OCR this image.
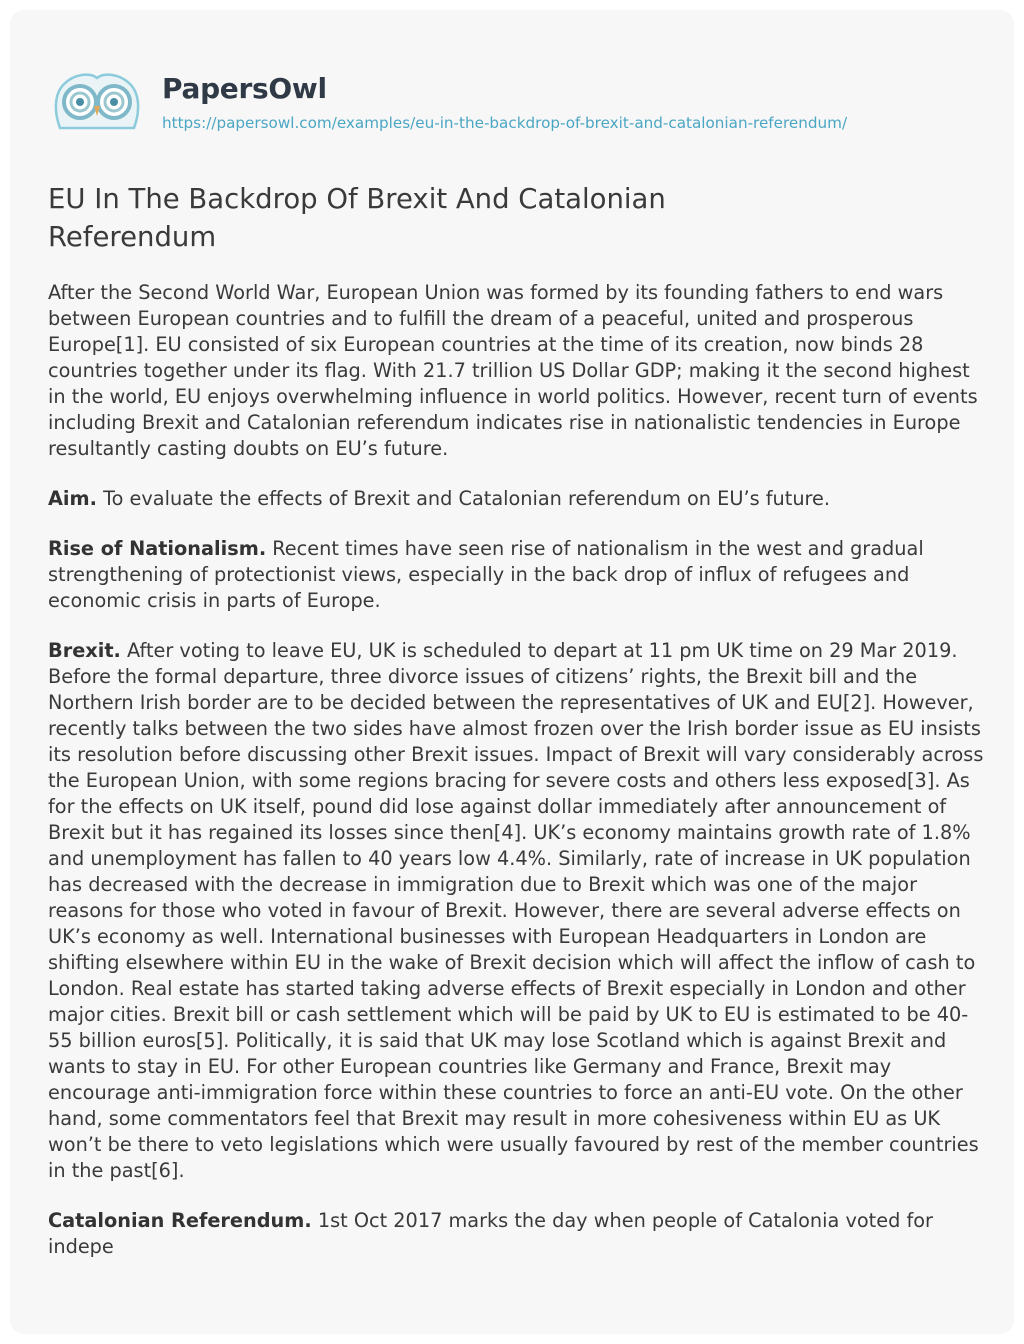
PapersOwl
https://papersowl.com/examples/eu-in-the-backdrop-of-brexit-and-catalonian-referendum/
EU In The Backdrop Of Brexit And Catalonian Referendum

After the Second World War, European Union was formed by its founding fathers to end wars between European countries and to fulfill the dream of a peaceful, united and prosperous Europe[1]. EU consisted of six European countries at the time of its creation, now binds 28 countries together under its flag. With 21.7 trillion US Dollar GDP; making it the second highest in the world, EU enjoys overwhelming influence in world politics. However, recent turn of events including Brexit and Catalonian referendum indicates rise in nationalistic tendencies in Europe resultantly casting doubts on EU’s future.

Aim. To evaluate the effects of Brexit and Catalonian referendum on EU’s future.

Rise of Nationalism. Recent times have seen rise of nationalism in the west and gradual strengthening of protectionist views, especially in the back drop of influx of refugees and economic crisis in parts of Europe.

Brexit. After voting to leave EU, UK is scheduled to depart at 11 pm UK time on 29 Mar 2019. Before the formal departure, three divorce issues of citizens’ rights, the Brexit bill and the Northern Irish border are to be decided between the representatives of UK and EU[2]. However, recently talks between the two sides have almost frozen over the Irish border issue as EU insists its resolution before discussing other Brexit issues. Impact of Brexit will vary considerably across the European Union, with some regions bracing for severe costs and others less exposed[3]. As for the effects on UK itself, pound did lose against dollar immediately after announcement of Brexit but it has regained its losses since then[4]. UK’s economy maintains growth rate of 1.8% and unemployment has fallen to 40 years low 4.4%. Similarly, rate of increase in UK population has decreased with the decrease in immigration due to Brexit which was one of the major reasons for those who voted in favour of Brexit. However, there are several adverse effects on UK’s economy as well. International businesses with European Headquarters in London are shifting elsewhere within EU in the wake of Brexit decision which will affect the inflow of cash to London. Real estate has started taking adverse effects of Brexit especially in London and other major cities. Brexit bill or cash settlement which will be paid by UK to EU is estimated to be 40-55 billion euros[5]. Politically, it is said that UK may lose Scotland which is against Brexit and wants to stay in EU. For other European countries like Germany and France, Brexit may encourage anti-immigration force within these countries to force an anti-EU vote. On the other hand, some commentators feel that Brexit may result in more cohesiveness within EU as UK won’t be there to veto legislations which were usually favoured by rest of the member countries in the past[6].

Catalonian Referendum. 1st Oct 2017 marks the day when people of Catalonia voted for indepe
